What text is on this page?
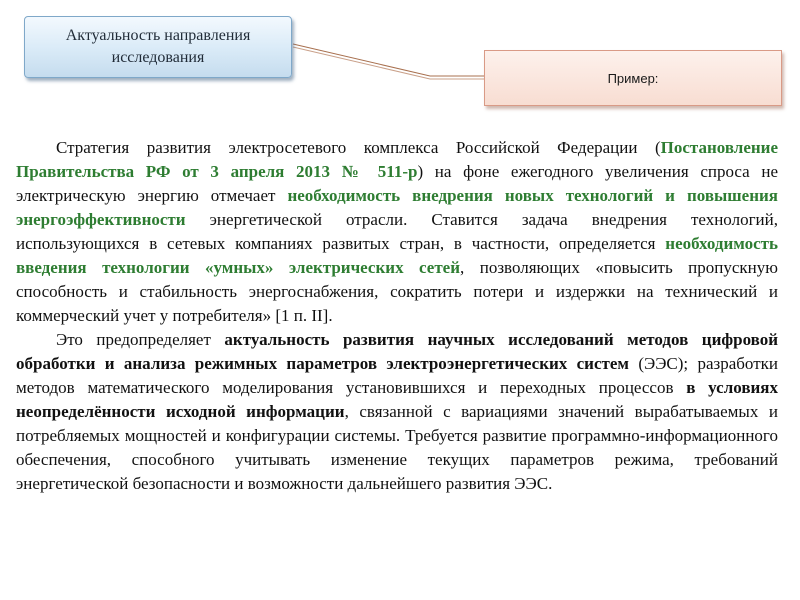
Актуальность направления
исследования
Пример:

Стратегия развития электросетевого комплекса Российской Федерации (Постановление Правительства РФ от 3 апреля 2013 № 511-р) на фоне ежегодного увеличения спроса не электрическую энергию отмечает необходимость внедрения новых технологий и повышения энергоэффективности энергетической отрасли. Ставится задача внедрения технологий, использующихся в сетевых компаниях развитых стран, в частности, определяется необходимость введения технологии «умных» электрических сетей, позволяющих «повысить пропускную способность и стабильность энергоснабжения, сократить потери и издержки на технический и коммерческий учет у потребителя» [1 п. II].

Это предопределяет актуальность развития научных исследований методов цифровой обработки и анализа режимных параметров электроэнергетических систем (ЭЭС); разработки методов математического моделирования установившихся и переходных процессов в условиях неопределённости исходной информации, связанной с вариациями значений вырабатываемых и потребляемых мощностей и конфигурации системы. Требуется развитие программно-информационного обеспечения, способного учитывать изменение текущих параметров режима, требований энергетической безопасности и возможности дальнейшего развития ЭЭС.
